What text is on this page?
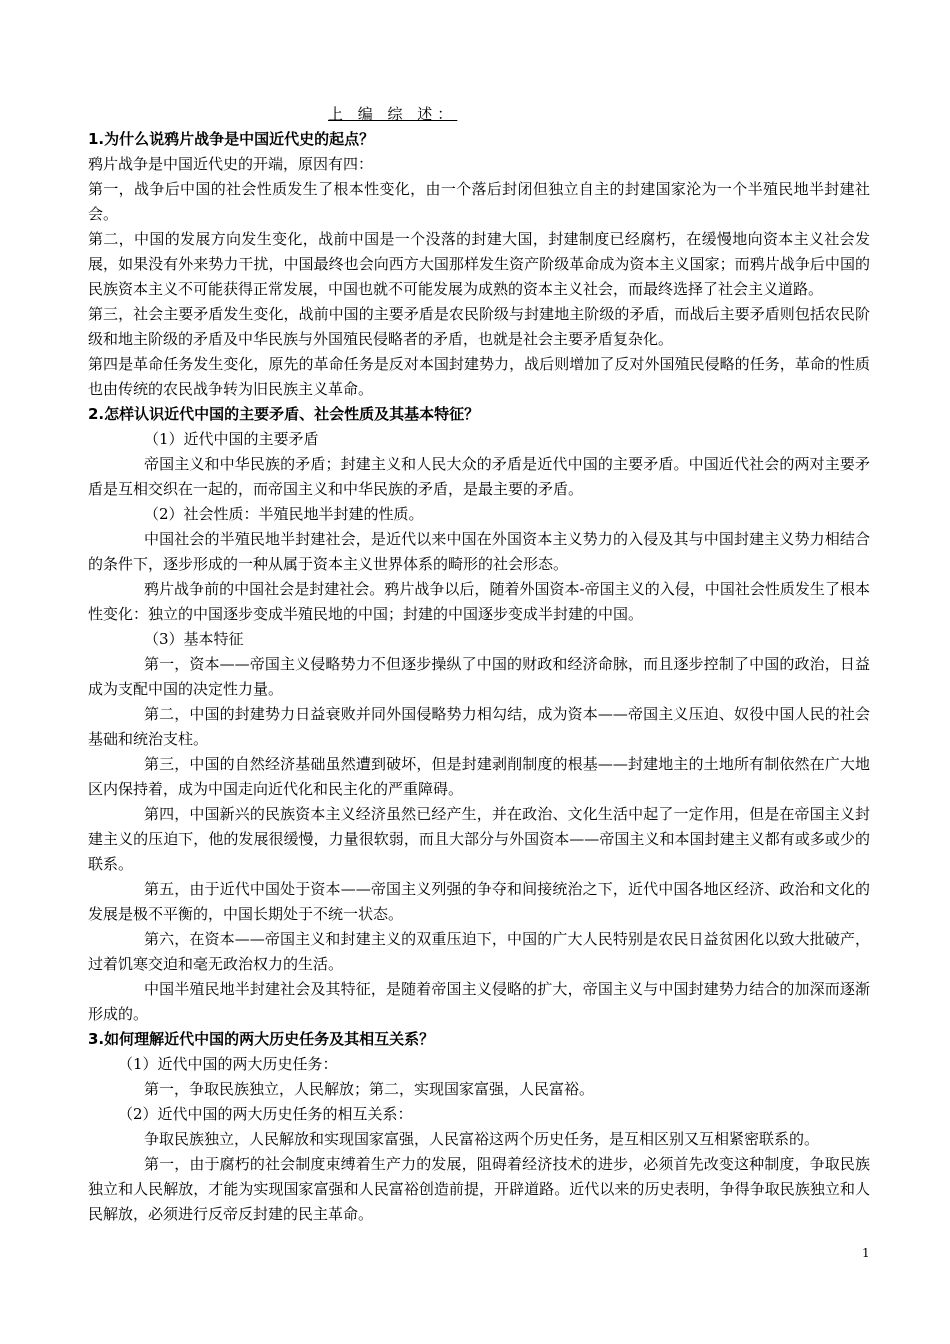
上 编 综 述：

1.为什么说鸦片战争是中国近代史的起点？

鸦片战争是中国近代史的开端，原因有四：

第一，战争后中国的社会性质发生了根本性变化，由一个落后封闭但独立自主的封建国家沦为一个半殖民地半封建社会。

第二，中国的发展方向发生变化，战前中国是一个没落的封建大国，封建制度已经腐朽，在缓慢地向资本主义社会发展，如果没有外来势力干扰，中国最终也会向西方大国那样发生资产阶级革命成为资本主义国家；而鸦片战争后中国的民族资本主义不可能获得正常发展，中国也就不可能发展为成熟的资本主义社会，而最终选择了社会主义道路。

第三，社会主要矛盾发生变化，战前中国的主要矛盾是农民阶级与封建地主阶级的矛盾，而战后主要矛盾则包括农民阶级和地主阶级的矛盾及中华民族与外国殖民侵略者的矛盾，也就是社会主要矛盾复杂化。

第四是革命任务发生变化，原先的革命任务是反对本国封建势力，战后则增加了反对外国殖民侵略的任务，革命的性质也由传统的农民战争转为旧民族主义革命。

2.怎样认识近代中国的主要矛盾、社会性质及其基本特征？

（1）近代中国的主要矛盾

帝国主义和中华民族的矛盾；封建主义和人民大众的矛盾是近代中国的主要矛盾。中国近代社会的两对主要矛盾是互相交织在一起的，而帝国主义和中华民族的矛盾，是最主要的矛盾。

（2）社会性质：半殖民地半封建的性质。

中国社会的半殖民地半封建社会，是近代以来中国在外国资本主义势力的入侵及其与中国封建主义势力相结合的条件下，逐步形成的一种从属于资本主义世界体系的畸形的社会形态。

鸦片战争前的中国社会是封建社会。鸦片战争以后，随着外国资本-帝国主义的入侵，中国社会性质发生了根本性变化：独立的中国逐步变成半殖民地的中国；封建的中国逐步变成半封建的中国。

（3）基本特征

第一，资本——帝国主义侵略势力不但逐步操纵了中国的财政和经济命脉，而且逐步控制了中国的政治，日益成为支配中国的决定性力量。

第二，中国的封建势力日益衰败并同外国侵略势力相勾结，成为资本——帝国主义压迫、奴役中国人民的社会基础和统治支柱。

第三，中国的自然经济基础虽然遭到破坏，但是封建剥削制度的根基——封建地主的土地所有制依然在广大地区内保持着，成为中国走向近代化和民主化的严重障碍。

第四，中国新兴的民族资本主义经济虽然已经产生，并在政治、文化生活中起了一定作用，但是在帝国主义封建主义的压迫下，他的发展很缓慢，力量很软弱，而且大部分与外国资本——帝国主义和本国封建主义都有或多或少的联系。

第五，由于近代中国处于资本——帝国主义列强的争夺和间接统治之下，近代中国各地区经济、政治和文化的发展是极不平衡的，中国长期处于不统一状态。

第六，在资本——帝国主义和封建主义的双重压迫下，中国的广大人民特别是农民日益贫困化以致大批破产，过着饥寒交迫和毫无政治权力的生活。

中国半殖民地半封建社会及其特征，是随着帝国主义侵略的扩大，帝国主义与中国封建势力结合的加深而逐渐形成的。

3.如何理解近代中国的两大历史任务及其相互关系？

（1）近代中国的两大历史任务：

第一，争取民族独立，人民解放；第二，实现国家富强，人民富裕。

（2）近代中国的两大历史任务的相互关系：

争取民族独立，人民解放和实现国家富强，人民富裕这两个历史任务，是互相区别又互相紧密联系的。

第一，由于腐朽的社会制度束缚着生产力的发展，阻碍着经济技术的进步，必须首先改变这种制度，争取民族独立和人民解放，才能为实现国家富强和人民富裕创造前提，开辟道路。近代以来的历史表明，争得争取民族独立和人民解放，必须进行反帝反封建的民主革命。

1
